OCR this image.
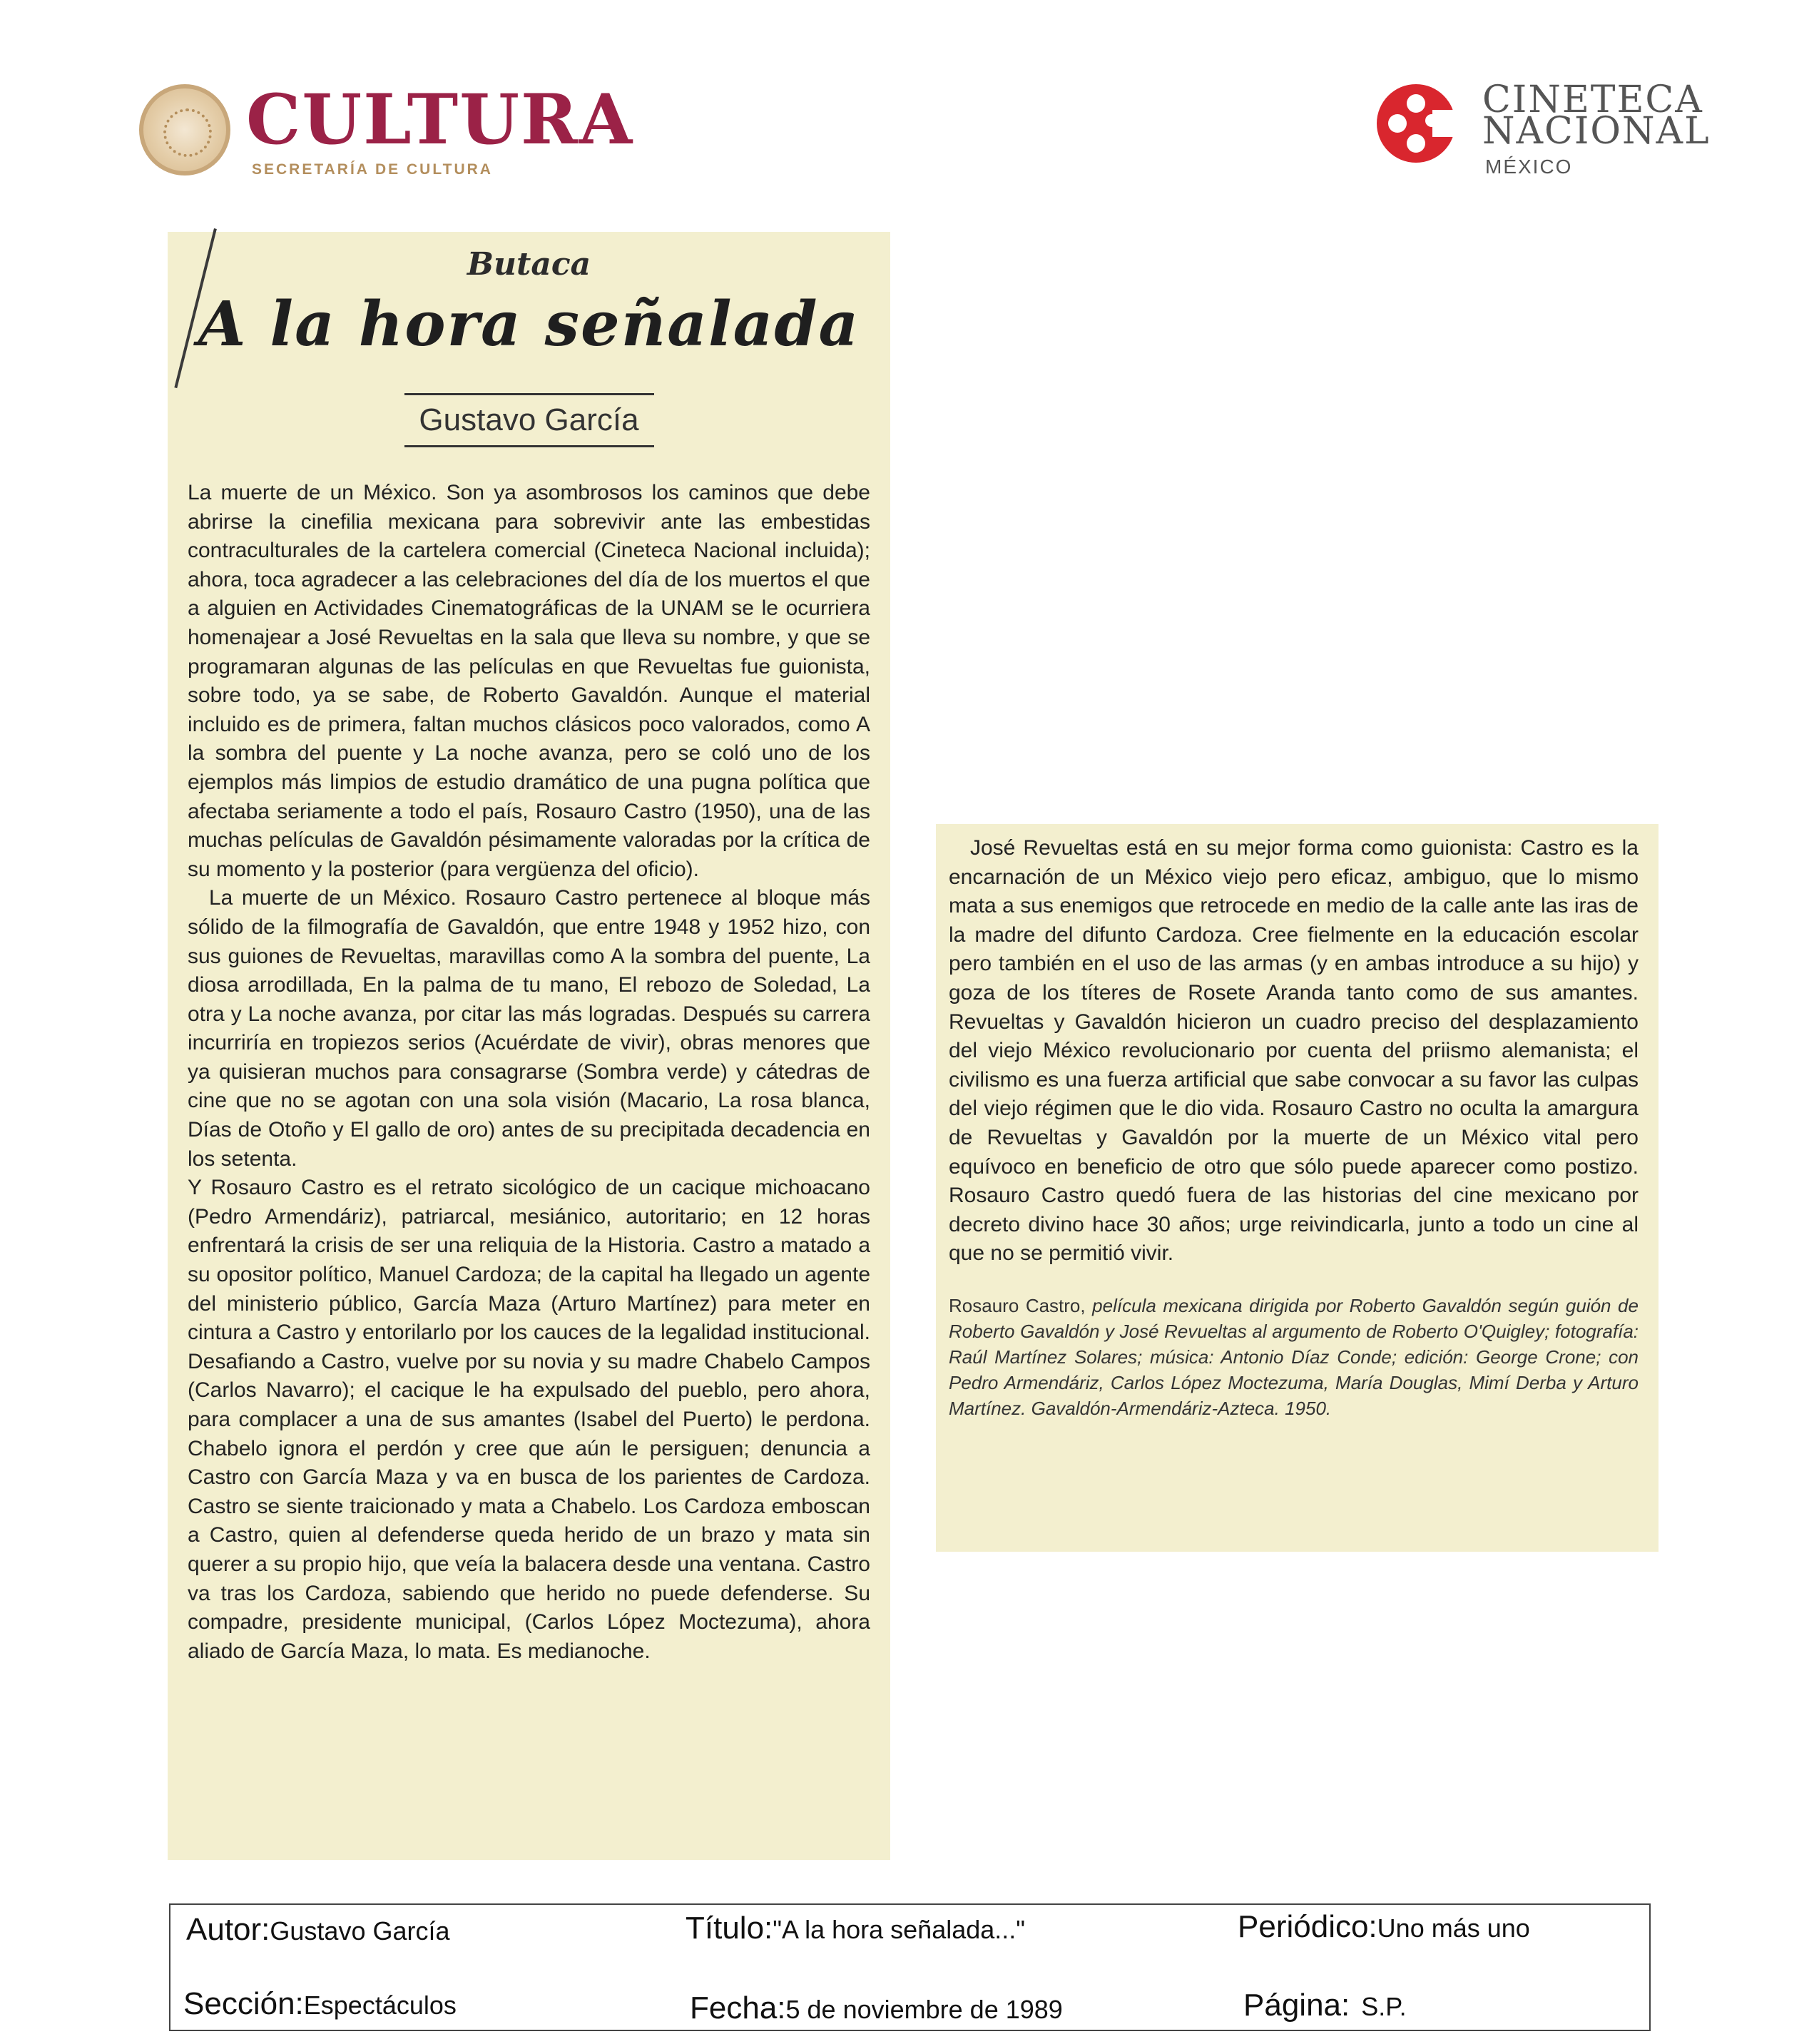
CULTURA
SECRETARÍA DE CULTURA
CINETECA
NACIONAL
MÉXICO
Butaca
A la hora señalada
Gustavo García

La muerte de un México. Son ya asombrosos los caminos que debe abrirse la cinefilia mexicana para sobrevivir ante las embestidas contraculturales de la cartelera comercial (Cineteca Nacional incluida); ahora, toca agradecer a las celebraciones del día de los muertos el que a alguien en Actividades Cinematográficas de la UNAM se le ocurriera homenajear a José Revueltas en la sala que lleva su nombre, y que se programaran algunas de las películas en que Revueltas fue guionista, sobre todo, ya se sabe, de Roberto Gavaldón. Aunque el material incluido es de primera, faltan muchos clásicos poco valorados, como A la sombra del puente y La noche avanza, pero se coló uno de los ejemplos más limpios de estudio dramático de una pugna política que afectaba seriamente a todo el país, Rosauro Castro (1950), una de las muchas películas de Gavaldón pésimamente valoradas por la crítica de su momento y la posterior (para vergüenza del oficio).

La muerte de un México. Rosauro Castro pertenece al bloque más sólido de la filmografía de Gavaldón, que entre 1948 y 1952 hizo, con sus guiones de Revueltas, maravillas como A la sombra del puente, La diosa arrodillada, En la palma de tu mano, El rebozo de Soledad, La otra y La noche avanza, por citar las más logradas. Después su carrera incurriría en tropiezos serios (Acuérdate de vivir), obras menores que ya quisieran muchos para consagrarse (Sombra verde) y cátedras de cine que no se agotan con una sola visión (Macario, La rosa blanca, Días de Otoño y El gallo de oro) antes de su precipitada decadencia en los setenta.

Y Rosauro Castro es el retrato sicológico de un cacique michoacano (Pedro Armendáriz), patriarcal, mesiánico, autoritario; en 12 horas enfrentará la crisis de ser una reliquia de la Historia. Castro a matado a su opositor político, Manuel Cardoza; de la capital ha llegado un agente del ministerio público, García Maza (Arturo Martínez) para meter en cintura a Castro y entorilarlo por los cauces de la legalidad institucional. Desafiando a Castro, vuelve por su novia y su madre Chabelo Campos (Carlos Navarro); el cacique le ha expulsado del pueblo, pero ahora, para complacer a una de sus amantes (Isabel del Puerto) le perdona. Chabelo ignora el perdón y cree que aún le persiguen; denuncia a Castro con García Maza y va en busca de los parientes de Cardoza. Castro se siente traicionado y mata a Chabelo. Los Cardoza emboscan a Castro, quien al defenderse queda herido de un brazo y mata sin querer a su propio hijo, que veía la balacera desde una ventana. Castro va tras los Cardoza, sabiendo que herido no puede defenderse. Su compadre, presidente municipal, (Carlos López Moctezuma), ahora aliado de García Maza, lo mata. Es medianoche.

José Revueltas está en su mejor forma como guionista: Castro es la encarnación de un México viejo pero eficaz, ambiguo, que lo mismo mata a sus enemigos que retrocede en medio de la calle ante las iras de la madre del difunto Cardoza. Cree fielmente en la educación escolar pero también en el uso de las armas (y en ambas introduce a su hijo) y goza de los títeres de Rosete Aranda tanto como de sus amantes. Revueltas y Gavaldón hicieron un cuadro preciso del desplazamiento del viejo México revolucionario por cuenta del priismo alemanista; el civilismo es una fuerza artificial que sabe convocar a su favor las culpas del viejo régimen que le dio vida. Rosauro Castro no oculta la amargura de Revueltas y Gavaldón por la muerte de un México vital pero equívoco en beneficio de otro que sólo puede aparecer como postizo. Rosauro Castro quedó fuera de las historias del cine mexicano por decreto divino hace 30 años; urge reivindicarla, junto a todo un cine al que no se permitió vivir.
Rosauro Castro, película mexicana dirigida por Roberto Gavaldón según guión de Roberto Gavaldón y José Revueltas al argumento de Roberto O'Quigley; fotografía: Raúl Martínez Solares; música: Antonio Díaz Conde; edición: George Crone; con Pedro Armendáriz, Carlos López Moctezuma, María Douglas, Mimí Derba y Arturo Martínez. Gavaldón-Armendáriz-Azteca. 1950.
Autor:Gustavo García	Título:"A la hora señalada..."	Periódico:Uno más uno
Sección:Espectáculos	Fecha:5 de noviembre de 1989	Página: S.P.
